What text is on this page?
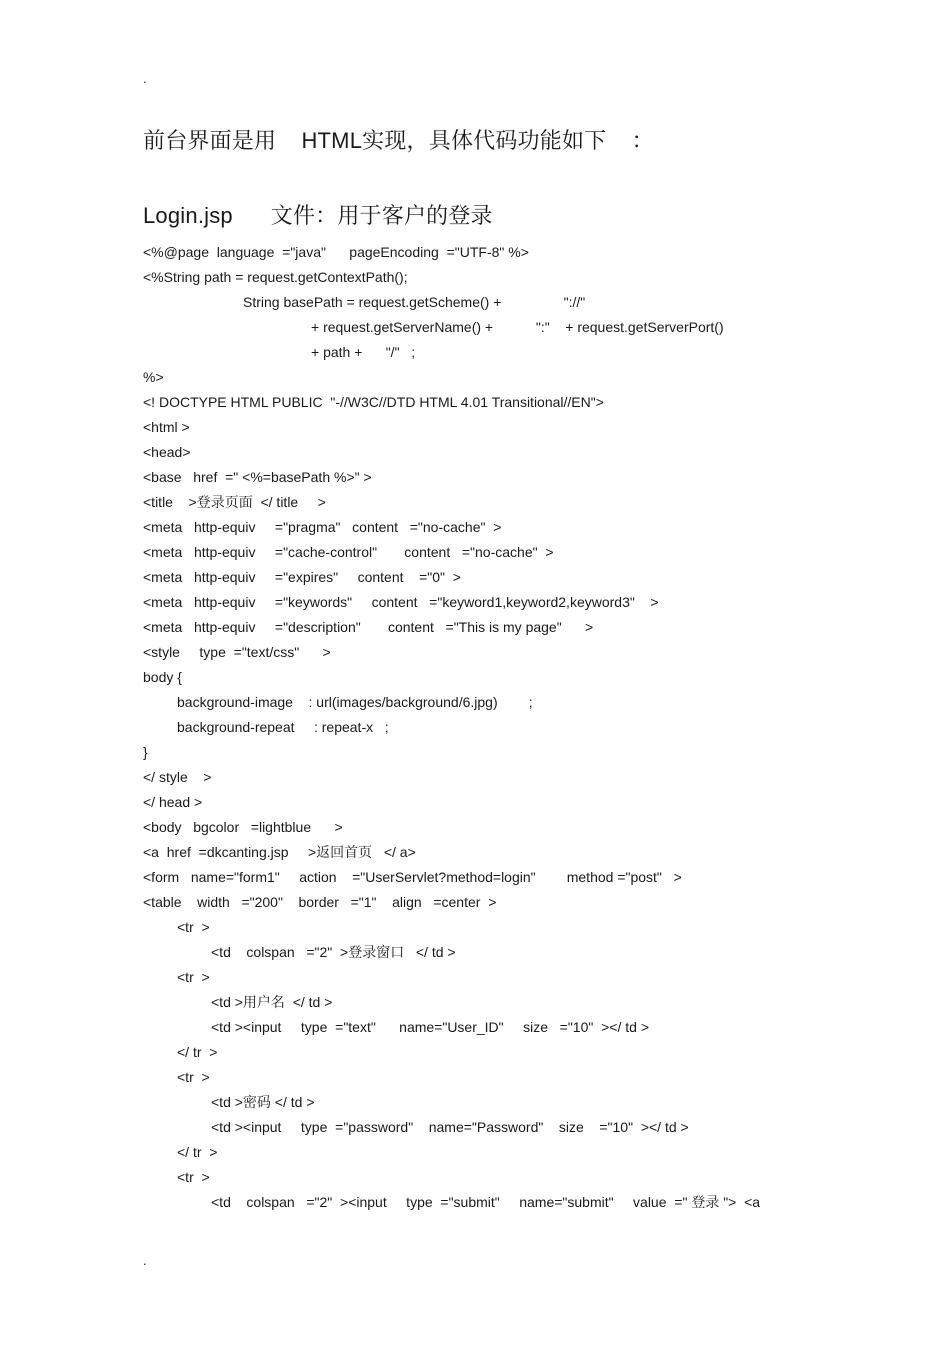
.
前台界面是用    HTML实现，具体代码功能如下    ：
Login.jsp      文件：用于客户的登录
<%@page  language  ="java"      pageEncoding  ="UTF-8" %>
<%String path = request.getContextPath();
String basePath = request.getScheme() +                "://"
+ request.getServerName() +           ":"    + request.getServerPort()
+ path +      "/"   ;
%>
<! DOCTYPE HTML PUBLIC  "-//W3C//DTD HTML 4.01 Transitional//EN">
<html >
<head>
<base   href  =" <%=basePath %>" >
<title    >登录页面  </ title     >
<meta   http-equiv     ="pragma"   content   ="no-cache"  >
<meta   http-equiv     ="cache-control"       content   ="no-cache"  >
<meta   http-equiv     ="expires"     content    ="0"  >
<meta   http-equiv     ="keywords"     content   ="keyword1,keyword2,keyword3"    >
<meta   http-equiv     ="description"       content   ="This is my page"      >
<style     type  ="text/css"      >
body {
background-image    : url(images/background/6.jpg)        ;
background-repeat     : repeat-x   ;
}
</ style    >
</ head >
<body   bgcolor   =lightblue      >
<a  href  =dkcanting.jsp     >返回首页   </ a>
<form   name="form1"     action    ="UserServlet?method=login"        method ="post"   >
<table    width   ="200"    border   ="1"    align   =center  >
<tr  >
<td    colspan   ="2"  >登录窗口   </ td >
<tr  >
<td >用户名  </ td >
<td ><input     type  ="text"      name="User_ID"     size   ="10"  ></ td >
</ tr  >
<tr  >
<td >密码 </ td >
<td ><input     type  ="password"    name="Password"    size    ="10"  ></ td >
</ tr  >
<tr  >
<td    colspan   ="2"  ><input     type  ="submit"     name="submit"     value  =" 登录 ">  <a
.
